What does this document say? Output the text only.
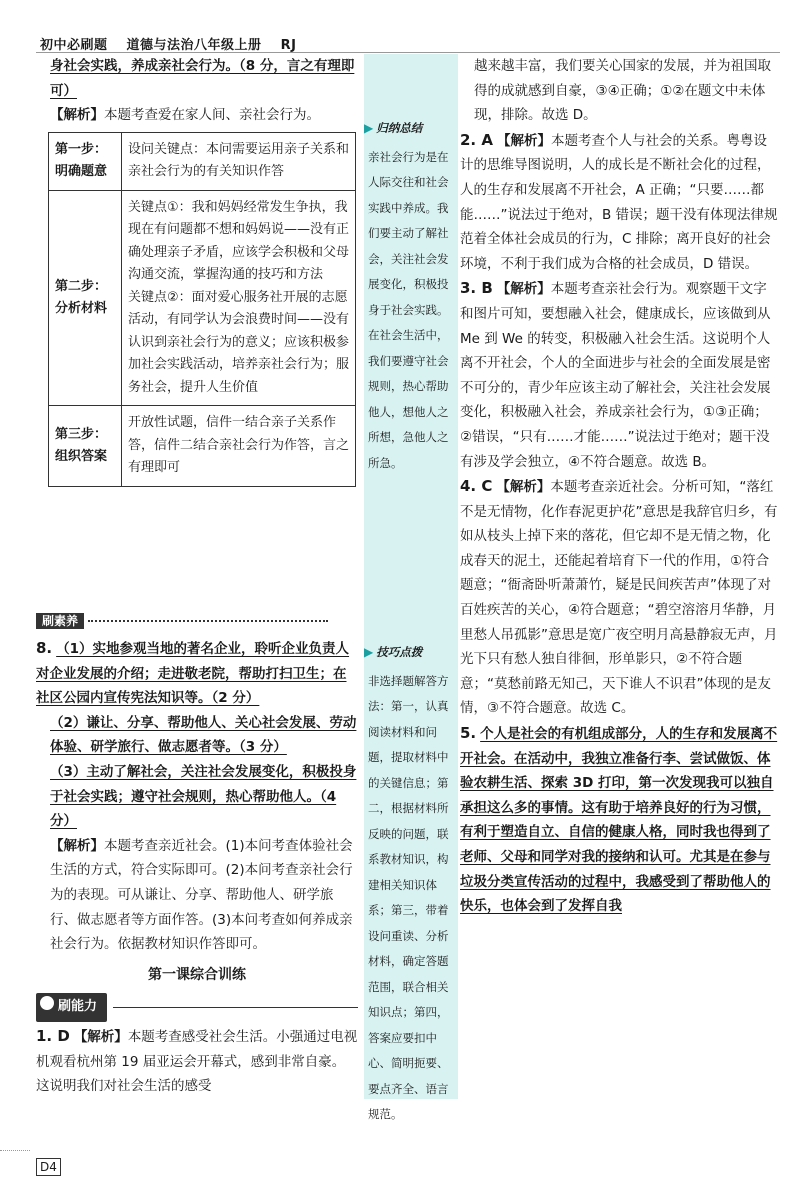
初中必刷题 道德与法治八年级上册 RJ

身社会实践，养成亲社会行为。（8 分，言之有理即可）

【解析】本题考查爱在家人间、亲社会行为。

第一步：明确题意	设问关键点：本问需要运用亲子关系和亲社会行为的有关知识作答
第二步：分析材料	关键点①：我和妈妈经常发生争执，我现在有问题都不想和妈妈说——没有正确处理亲子矛盾，应该学会积极和父母沟通交流，掌握沟通的技巧和方法
关键点②：面对爱心服务社开展的志愿活动，有同学认为会浪费时间——没有认识到亲社会行为的意义；应该积极参加社会实践活动，培养亲社会行为；服务社会，提升人生价值
第三步：组织答案	开放性试题，信件一结合亲子关系作答，信件二结合亲社会行为作答，言之有理即可
刷素养

8. （1）实地参观当地的著名企业，聆听企业负责人对企业发展的介绍；走进敬老院，帮助打扫卫生；在社区公园内宣传宪法知识等。（2 分）

（2）谦让、分享、帮助他人、关心社会发展、劳动体验、研学旅行、做志愿者等。（3 分）

（3）主动了解社会，关注社会发展变化，积极投身于社会实践；遵守社会规则，热心帮助他人。（4 分）

【解析】本题考查亲近社会。(1)本问考查体验社会生活的方式，符合实际即可。(2)本问考查亲社会行为的表现。可从谦让、分享、帮助他人、研学旅行、做志愿者等方面作答。(3)本问考查如何养成亲社会行为。依据教材知识作答即可。

第一课综合训练
刷能力

1. D 【解析】本题考查感受社会生活。小强通过电视机观看杭州第 19 届亚运会开幕式，感到非常自豪。这说明我们对社会生活的感受

▶ 归纳总结
亲社会行为是在人际交往和社会实践中养成。我们要主动了解社会，关注社会发展变化，积极投身于社会实践。在社会生活中，我们要遵守社会规则，热心帮助他人，想他人之所想，急他人之所急。
▶ 技巧点拨
非选择题解答方法：第一，认真阅读材料和问题，提取材料中的关键信息；第二，根据材料所反映的问题，联系教材知识，构建相关知识体系；第三，带着设问重读、分析材料，确定答题范围，联合相关知识点；第四，答案应要扣中心、简明扼要、要点齐全、语言规范。

越来越丰富，我们要关心国家的发展，并为祖国取得的成就感到自豪，③④正确；①②在题文中未体现，排除。故选 D。

2. A 【解析】本题考查个人与社会的关系。粤粤设计的思维导图说明，人的成长是不断社会化的过程，人的生存和发展离不开社会，A 正确；“只要……都能……”说法过于绝对，B 错误；题干没有体现法律规范着全体社会成员的行为，C 排除；离开良好的社会环境，不利于我们成为合格的社会成员，D 错误。

3. B 【解析】本题考查亲社会行为。观察题干文字和图片可知，要想融入社会，健康成长，应该做到从 Me 到 We 的转变，积极融入社会生活。这说明个人离不开社会，个人的全面进步与社会的全面发展是密不可分的，青少年应该主动了解社会，关注社会发展变化，积极融入社会，养成亲社会行为，①③正确；②错误，“只有……才能……”说法过于绝对；题干没有涉及学会独立，④不符合题意。故选 B。

4. C 【解析】本题考查亲近社会。分析可知，“落红不是无情物，化作春泥更护花”意思是我辞官归乡，有如从枝头上掉下来的落花，但它却不是无情之物，化成春天的泥土，还能起着培育下一代的作用，①符合题意；“衙斋卧听萧萧竹，疑是民间疾苦声”体现了对百姓疾苦的关心，④符合题意；“碧空溶溶月华静，月里愁人吊孤影”意思是宽广夜空明月高悬静寂无声，月光下只有愁人独自徘徊，形单影只，②不符合题意；“莫愁前路无知己，天下谁人不识君”体现的是友情，③不符合题意。故选 C。

5. 个人是社会的有机组成部分，人的生存和发展离不开社会。在活动中，我独立准备行李、尝试做饭、体验农耕生活、探索 3D 打印，第一次发现我可以独自承担这么多的事情。这有助于培养良好的行为习惯，有利于塑造自立、自信的健康人格，同时我也得到了老师、父母和同学对我的接纳和认可。尤其是在参与垃圾分类宣传活动的过程中，我感受到了帮助他人的快乐，也体会到了发挥自我

D4
